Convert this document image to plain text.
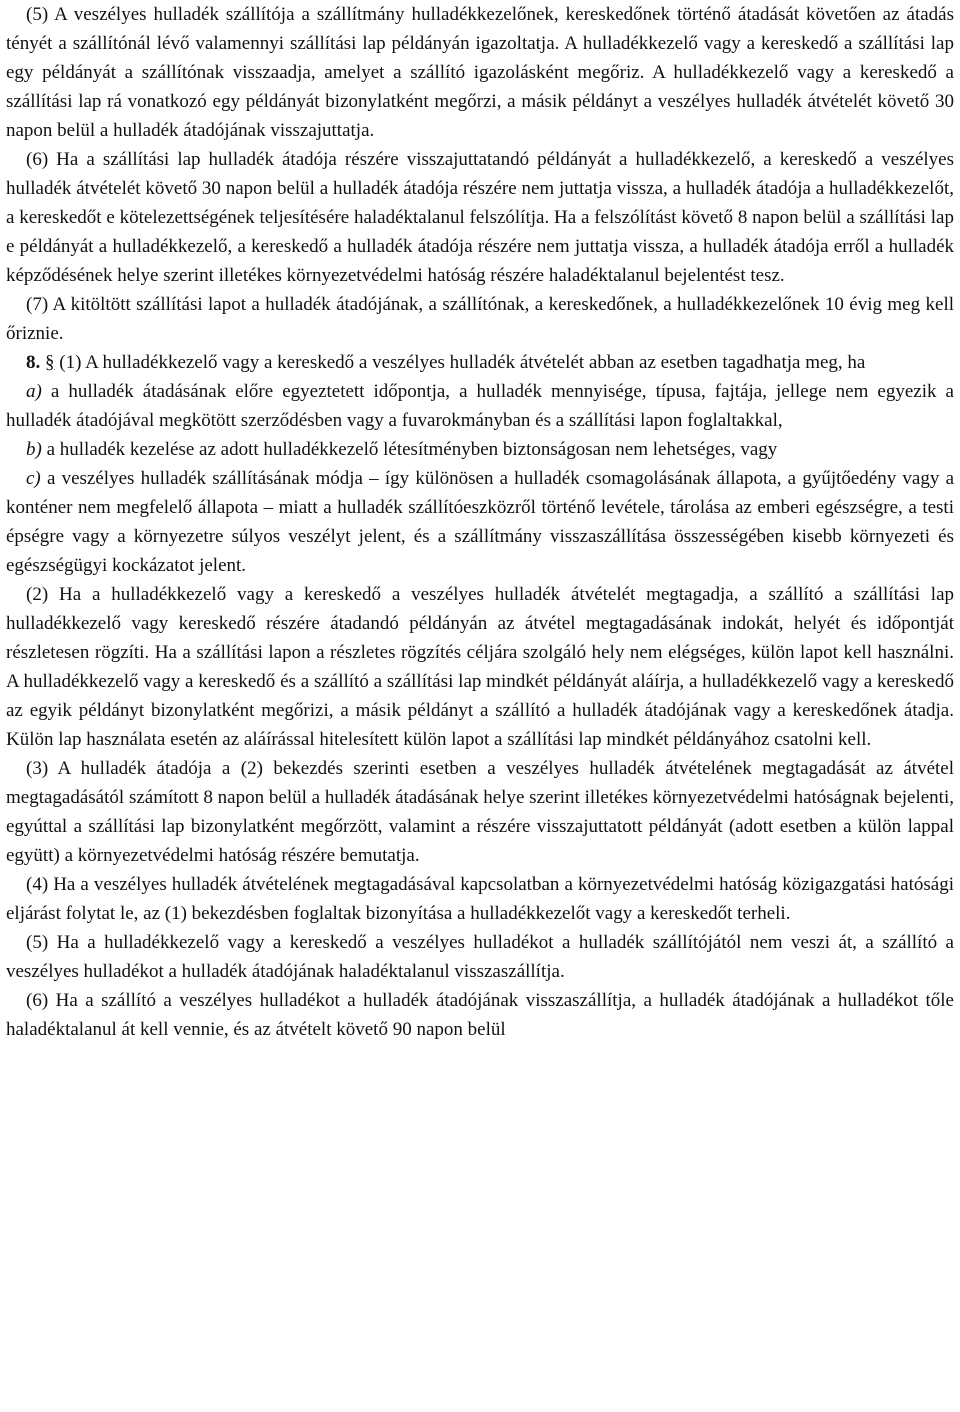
(5) A veszélyes hulladék szállítója a szállítmány hulladékkezelőnek, kereskedőnek történő átadását követően az átadás tényét a szállítónál lévő valamennyi szállítási lap példányán igazoltatja. A hulladékkezelő vagy a kereskedő a szállítási lap egy példányát a szállítónak visszaadja, amelyet a szállító igazolásként megőriz. A hulladékkezelő vagy a kereskedő a szállítási lap rá vonatkozó egy példányát bizonylatként megőrzi, a másik példányt a veszélyes hulladék átvételét követő 30 napon belül a hulladék átadójának visszajuttatja.

(6) Ha a szállítási lap hulladék átadója részére visszajuttatandó példányát a hulladékkezelő, a kereskedő a veszélyes hulladék átvételét követő 30 napon belül a hulladék átadója részére nem juttatja vissza, a hulladék átadója a hulladékkezelőt, a kereskedőt e kötelezettségének teljesítésére haladéktalanul felszólítja. Ha a felszólítást követő 8 napon belül a szállítási lap e példányát a hulladékkezelő, a kereskedő a hulladék átadója részére nem juttatja vissza, a hulladék átadója erről a hulladék képződésének helye szerint illetékes környezetvédelmi hatóság részére haladéktalanul bejelentést tesz.

(7) A kitöltött szállítási lapot a hulladék átadójának, a szállítónak, a kereskedőnek, a hulladékkezelőnek 10 évig meg kell őriznie.

8. § (1) A hulladékkezelő vagy a kereskedő a veszélyes hulladék átvételét abban az esetben tagadhatja meg, ha

a) a hulladék átadásának előre egyeztetett időpontja, a hulladék mennyisége, típusa, fajtája, jellege nem egyezik a hulladék átadójával megkötött szerződésben vagy a fuvarokmányban és a szállítási lapon foglaltakkal,

b) a hulladék kezelése az adott hulladékkezelő létesítményben biztonságosan nem lehetséges, vagy

c) a veszélyes hulladék szállításának módja – így különösen a hulladék csomagolásának állapota, a gyűjtőedény vagy a konténer nem megfelelő állapota – miatt a hulladék szállítóeszközről történő levétele, tárolása az emberi egészségre, a testi épségre vagy a környezetre súlyos veszélyt jelent, és a szállítmány visszaszállítása összességében kisebb környezeti és egészségügyi kockázatot jelent.

(2) Ha a hulladékkezelő vagy a kereskedő a veszélyes hulladék átvételét megtagadja, a szállító a szállítási lap hulladékkezelő vagy kereskedő részére átadandó példányán az átvétel megtagadásának indokát, helyét és időpontját részletesen rögzíti. Ha a szállítási lapon a részletes rögzítés céljára szolgáló hely nem elégséges, külön lapot kell használni. A hulladékkezelő vagy a kereskedő és a szállító a szállítási lap mindkét példányát aláírja, a hulladékkezelő vagy a kereskedő az egyik példányt bizonylatként megőrizi, a másik példányt a szállító a hulladék átadójának vagy a kereskedőnek átadja. Külön lap használata esetén az aláírással hitelesített külön lapot a szállítási lap mindkét példányához csatolni kell.

(3) A hulladék átadója a (2) bekezdés szerinti esetben a veszélyes hulladék átvételének megtagadását az átvétel megtagadásától számított 8 napon belül a hulladék átadásának helye szerint illetékes környezetvédelmi hatóságnak bejelenti, egyúttal a szállítási lap bizonylatként megőrzött, valamint a részére visszajuttatott példányát (adott esetben a külön lappal együtt) a környezetvédelmi hatóság részére bemutatja.

(4) Ha a veszélyes hulladék átvételének megtagadásával kapcsolatban a környezetvédelmi hatóság közigazgatási hatósági eljárást folytat le, az (1) bekezdésben foglaltak bizonyítása a hulladékkezelőt vagy a kereskedőt terheli.

(5) Ha a hulladékkezelő vagy a kereskedő a veszélyes hulladékot a hulladék szállítójától nem veszi át, a szállító a veszélyes hulladékot a hulladék átadójának haladéktalanul visszaszállítja.

(6) Ha a szállító a veszélyes hulladékot a hulladék átadójának visszaszállítja, a hulladék átadójának a hulladékot tőle haladéktalanul át kell vennie, és az átvételt követő 90 napon belül
